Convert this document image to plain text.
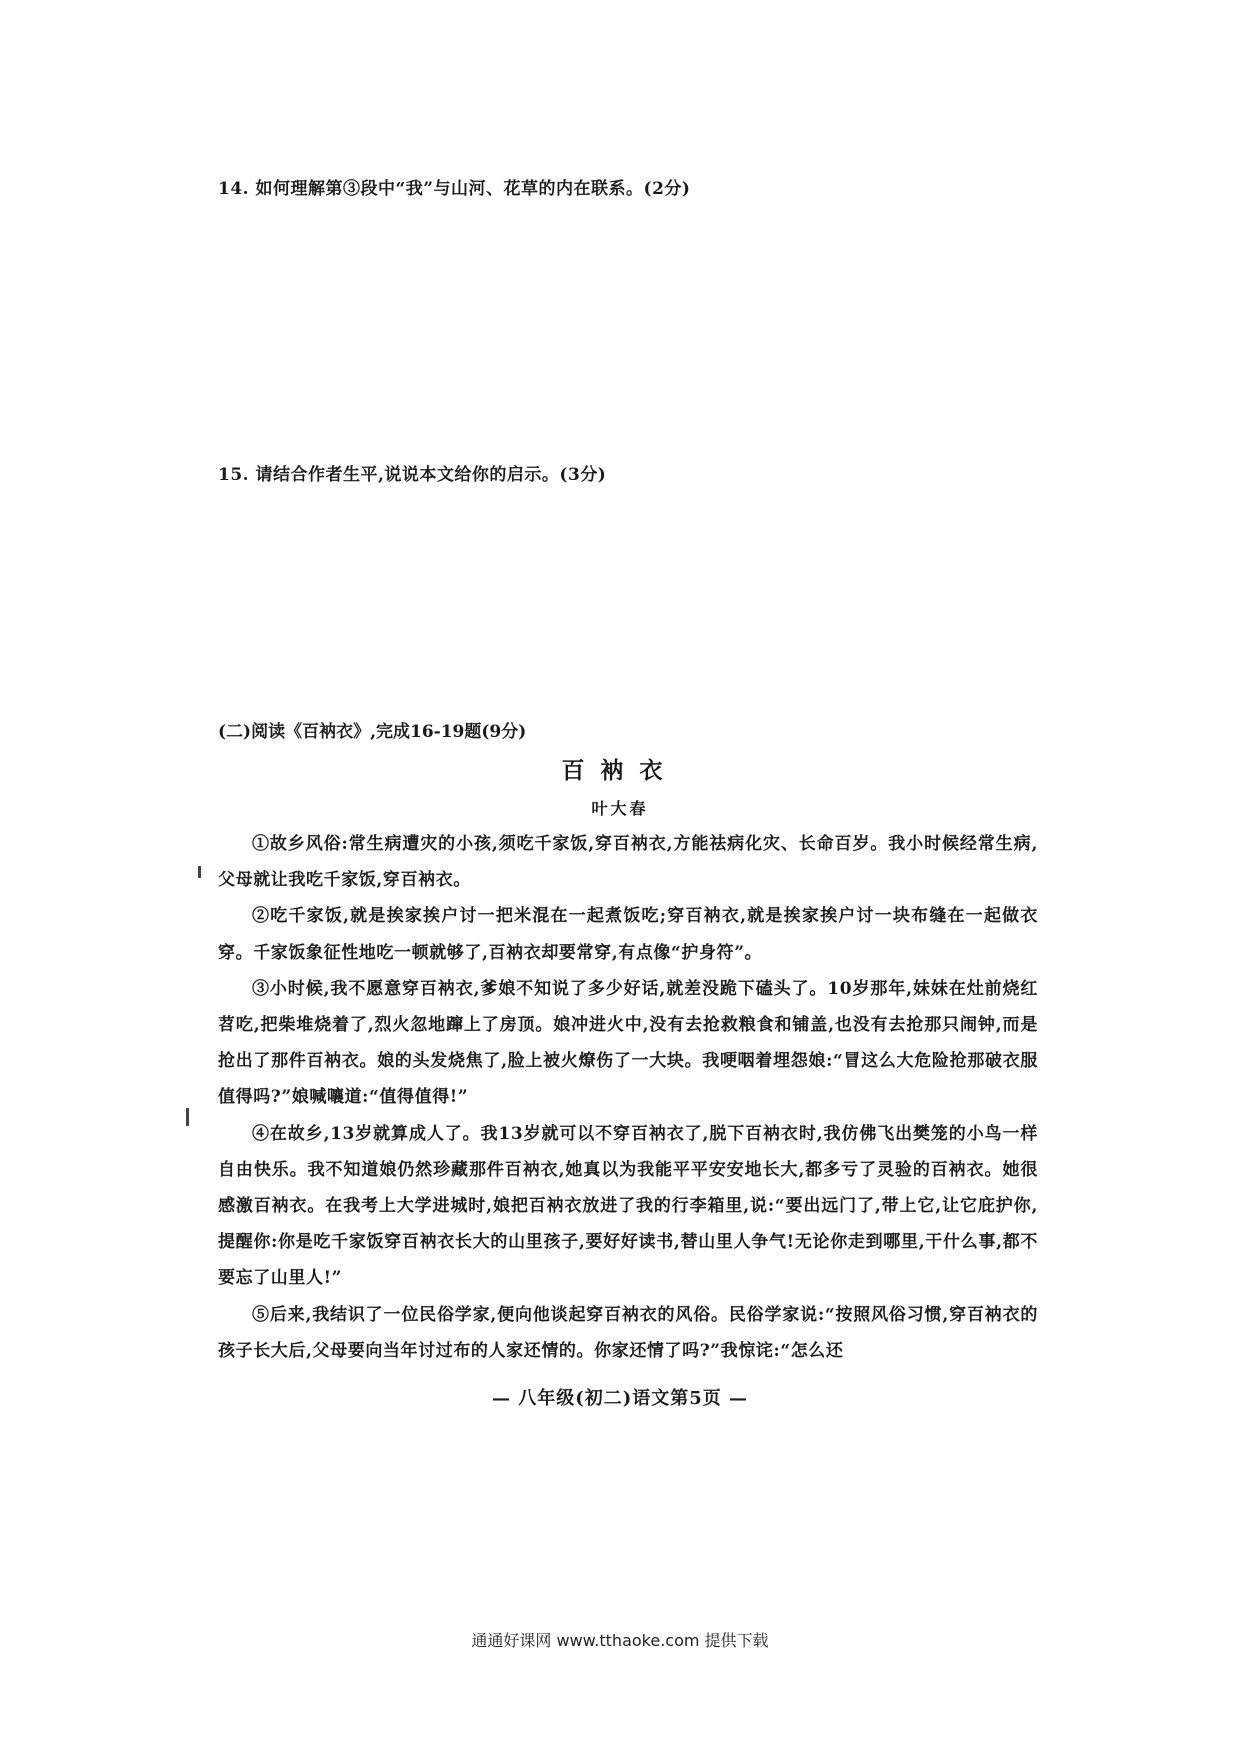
14. 如何理解第③段中“我”与山河、花草的内在联系。(2分)
15. 请结合作者生平,说说本文给你的启示。(3分)
(二)阅读《百衲衣》,完成16-19题(9分)
百衲衣
叶大春

①故乡风俗:常生病遭灾的小孩,须吃千家饭,穿百衲衣,方能祛病化灾、长命百岁。我小时候经常生病,父母就让我吃千家饭,穿百衲衣。

②吃千家饭,就是挨家挨户讨一把米混在一起煮饭吃;穿百衲衣,就是挨家挨户讨一块布缝在一起做衣穿。千家饭象征性地吃一顿就够了,百衲衣却要常穿,有点像“护身符”。

③小时候,我不愿意穿百衲衣,爹娘不知说了多少好话,就差没跪下磕头了。10岁那年,妹妹在灶前烧红苕吃,把柴堆烧着了,烈火忽地蹿上了房顶。娘冲进火中,没有去抢救粮食和铺盖,也没有去抢那只闹钟,而是抢出了那件百衲衣。娘的头发烧焦了,脸上被火燎伤了一大块。我哽咽着埋怨娘:“冒这么大危险抢那破衣服值得吗?”娘喊嚷道:“值得值得!”

④在故乡,13岁就算成人了。我13岁就可以不穿百衲衣了,脱下百衲衣时,我仿佛飞出樊笼的小鸟一样自由快乐。我不知道娘仍然珍藏那件百衲衣,她真以为我能平平安安地长大,都多亏了灵验的百衲衣。她很感激百衲衣。在我考上大学进城时,娘把百衲衣放进了我的行李箱里,说:“要出远门了,带上它,让它庇护你,提醒你:你是吃千家饭穿百衲衣长大的山里孩子,要好好读书,替山里人争气!无论你走到哪里,干什么事,都不要忘了山里人!”

⑤后来,我结识了一位民俗学家,便向他谈起穿百衲衣的风俗。民俗学家说:“按照风俗习惯,穿百衲衣的孩子长大后,父母要向当年讨过布的人家还情的。你家还情了吗?”我惊诧:“怎么还

— 八年级(初二)语文第5页 —
通通好课网 www.tthaoke.com 提供下载
